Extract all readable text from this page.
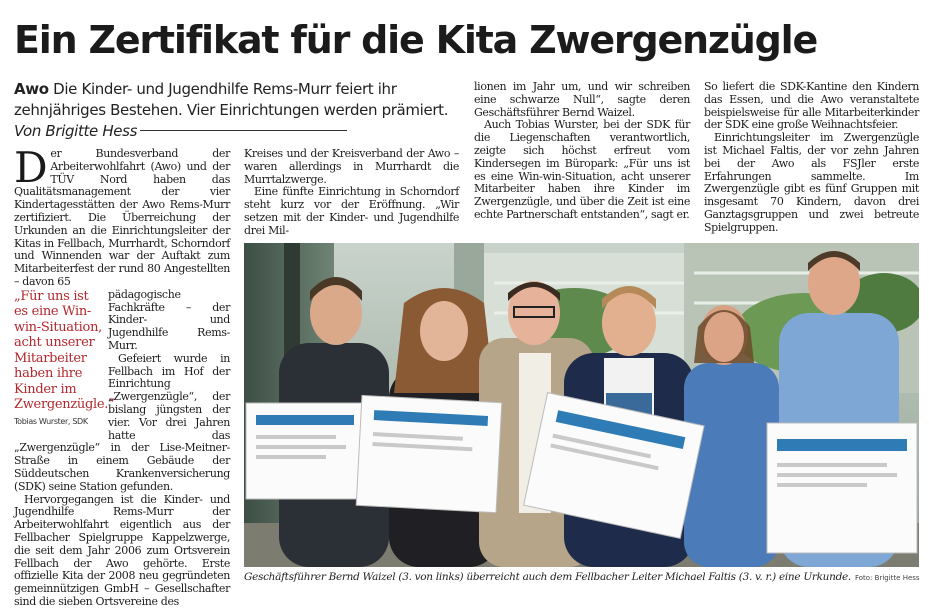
Ein Zertifikat für die Kita Zwergenzügle
Awo Die Kinder- und Jugendhilfe Rems-Murr feiert ihr zehnjähriges Bestehen. Vier Einrichtungen werden prämiert. Von Brigitte Hess

Der Bundesverband der Arbeiterwohlfahrt (Awo) und der TÜV Nord haben das Qualitätsmanagement der vier Kindertagesstätten der Awo Rems-Murr zertifiziert. Die Überreichung der Urkunden an die Einrichtungsleiter der Kitas in Fellbach, Murrhardt, Schorndorf und Winnenden war der Auftakt zum Mitarbeiterfest der rund 80 Angestellten – davon 65

„Für uns ist es eine Win-win-Situation, acht unserer Mitarbeiter haben ihre Kinder im Zwergenzügle.“
Tobias Wurster, SDK

pädagogische Fachkräfte – der Kinder- und Jugendhilfe Rems-Murr.

Gefeiert wurde in Fellbach im Hof der Einrichtung „Zwergenzügle“, der bislang jüngsten der vier. Vor drei Jahren hatte das „Zwergenzügle“ in der Lise-Meitner-Straße in einem Gebäude der Süddeutschen Krankenversicherung (SDK) seine Station gefunden.

Hervorgegangen ist die Kinder- und Jugendhilfe Rems-Murr der Arbeiterwohlfahrt eigentlich aus der Fellbacher Spielgruppe Kappelzwerge, die seit dem Jahr 2006 zum Ortsverein Fellbach der Awo gehörte. Erste offizielle Kita der 2008 neu gegründeten gemeinnützigen GmbH – Gesellschafter sind die sieben Ortsvereine des

Kreises und der Kreisverband der Awo – waren allerdings in Murrhardt die Murrtalzwerge.

Eine fünfte Einrichtung in Schorndorf steht kurz vor der Eröffnung. „Wir setzen mit der Kinder- und Jugendhilfe drei Mil-

lionen im Jahr um, und wir schreiben eine schwarze Null“, sagte deren Geschäftsführer Bernd Waizel.

Auch Tobias Wurster, bei der SDK für die Liegenschaften verantwortlich, zeigte sich höchst erfreut vom Kindersegen im Büropark: „Für uns ist es eine Win-win-Situation, acht unserer Mitarbeiter haben ihre Kinder im Zwergenzügle, und über die Zeit ist eine echte Partnerschaft entstanden“, sagt er.

So liefert die SDK-Kantine den Kindern das Essen, und die Awo veranstaltete beispielsweise für alle Mitarbeiterkinder der SDK eine große Weihnachtsfeier.

Einrichtungsleiter im Zwergenzügle ist Michael Faltis, der vor zehn Jahren bei der Awo als FSJler erste Erfahrungen sammelte. Im Zwergenzügle gibt es fünf Gruppen mit insgesamt 70 Kindern, davon drei Ganztagsgruppen und zwei betreute Spielgruppen.

Geschäftsführer Bernd Waizel (3. von links) überreicht auch dem Fellbacher Leiter Michael Faltis (3. v. r.) eine Urkunde. Foto: Brigitte Hess
